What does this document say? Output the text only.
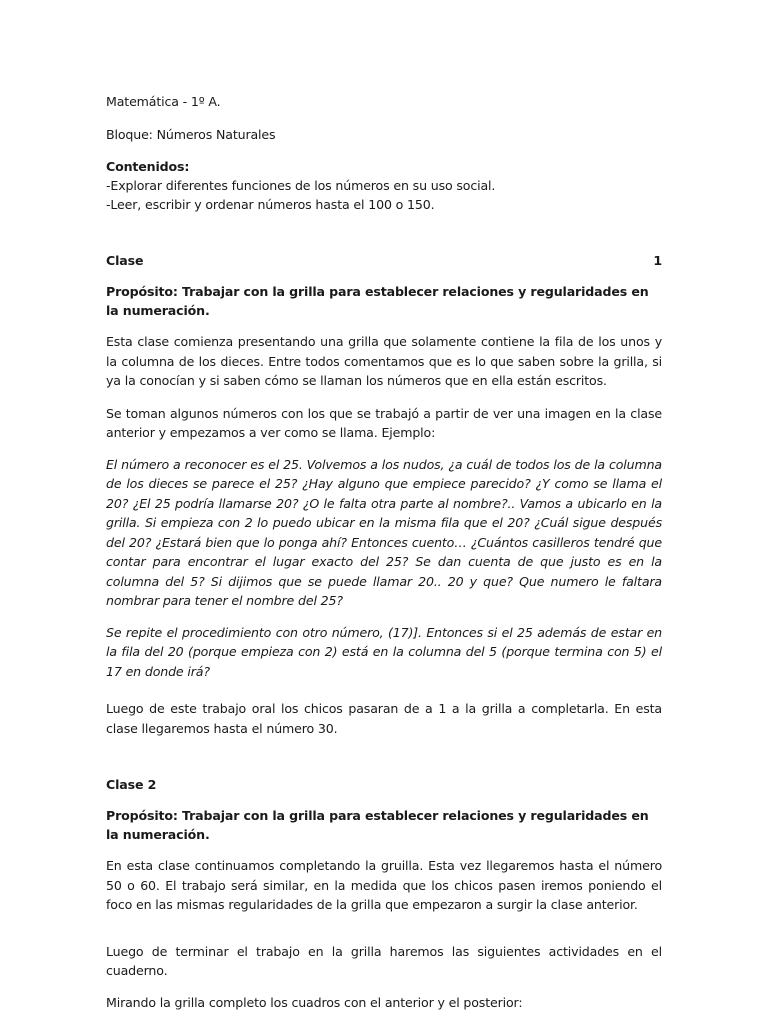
Matemática - 1º A.

Bloque: Números Naturales

Contenidos:

-Explorar diferentes funciones de los números en su uso social.

-Leer, escribir y ordenar números hasta el 100 o 150.

Clase	1

Propósito: Trabajar con la grilla para establecer relaciones y regularidades en la numeración.

Esta clase comienza presentando una grilla que solamente contiene la fila de los unos y la columna de los dieces. Entre todos comentamos que es lo que saben sobre la grilla, si ya la conocían y si saben cómo se llaman los números que en ella están escritos.

Se toman algunos números con los que se trabajó a partir de ver una imagen en la clase anterior y empezamos a ver como se llama. Ejemplo:

El número a reconocer es el 25. Volvemos a los nudos, ¿a cuál de todos los de la columna de los dieces se parece el 25? ¿Hay alguno que empiece parecido? ¿Y como se llama el 20? ¿El 25 podría llamarse 20? ¿O le falta otra parte al nombre?.. Vamos a ubicarlo en la grilla. Si empieza con 2 lo puedo ubicar en la misma fila que el 20? ¿Cuál sigue después del 20? ¿Estará bien que lo ponga ahí? Entonces cuento… ¿Cuántos casilleros tendré que contar para encontrar el lugar exacto del 25? Se dan cuenta de que justo es en la columna del 5? Si dijimos que se puede llamar 20.. 20 y que? Que numero le faltara nombrar para tener el nombre del 25?

Se repite el procedimiento con otro número, (17)]. Entonces si el 25 además de estar en la fila del 20 (porque empieza con 2) está en la columna del 5 (porque termina con 5) el 17 en donde irá?

Luego de este trabajo oral los chicos pasaran de a 1 a la grilla a completarla. En esta clase llegaremos hasta el número 30.

Clase 2

Propósito: Trabajar con la grilla para establecer relaciones y regularidades en la numeración.

En esta clase continuamos completando la gruilla. Esta vez llegaremos hasta el número 50 o 60. El trabajo será similar, en la medida que los chicos pasen iremos poniendo el foco en las mismas regularidades de la grilla que empezaron a surgir la clase anterior.

Luego de terminar el trabajo en la grilla haremos las siguientes actividades en el cuaderno.

Mirando la grilla completo los cuadros con el anterior y el posterior:
